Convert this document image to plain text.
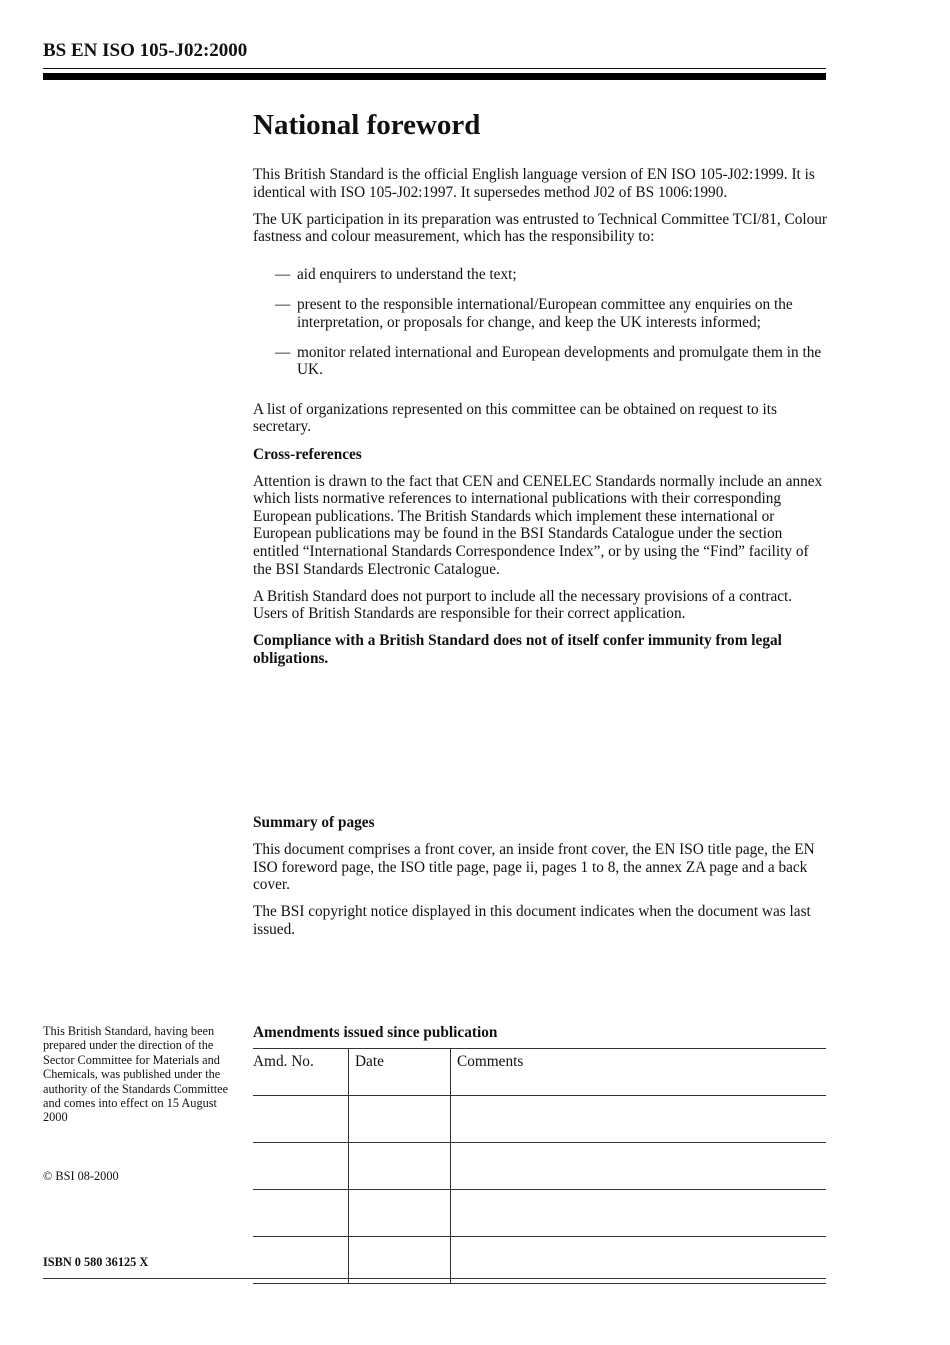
BS EN ISO 105-J02:2000
National foreword

This British Standard is the official English language version of EN ISO 105-J02:1999. It is identical with ISO 105-J02:1997. It supersedes method J02 of BS 1006:1990.

The UK participation in its preparation was entrusted to Technical Committee TCI/81, Colour fastness and colour measurement, which has the responsibility to:

— aid enquirers to understand the text;
— present to the responsible international/European committee any enquiries on the interpretation, or proposals for change, and keep the UK interests informed;
— monitor related international and European developments and promulgate them in the UK.

A list of organizations represented on this committee can be obtained on request to its secretary.

Cross-references

Attention is drawn to the fact that CEN and CENELEC Standards normally include an annex which lists normative references to international publications with their corresponding European publications. The British Standards which implement these international or European publications may be found in the BSI Standards Catalogue under the section entitled “International Standards Correspondence Index”, or by using the “Find” facility of the BSI Standards Electronic Catalogue.

A British Standard does not purport to include all the necessary provisions of a contract. Users of British Standards are responsible for their correct application.

Compliance with a British Standard does not of itself confer immunity from legal obligations.

Summary of pages

This document comprises a front cover, an inside front cover, the EN ISO title page, the EN ISO foreword page, the ISO title page, page ii, pages 1 to 8, the annex ZA page and a back cover.

The BSI copyright notice displayed in this document indicates when the document was last issued.

This British Standard, having been prepared under the direction of the Sector Committee for Materials and Chemicals, was published under the authority of the Standards Committee and comes into effect on 15 August 2000
© BSI 08-2000
ISBN 0 580 36125 X
Amendments issued since publication
Amd. No.	Date	Comments
